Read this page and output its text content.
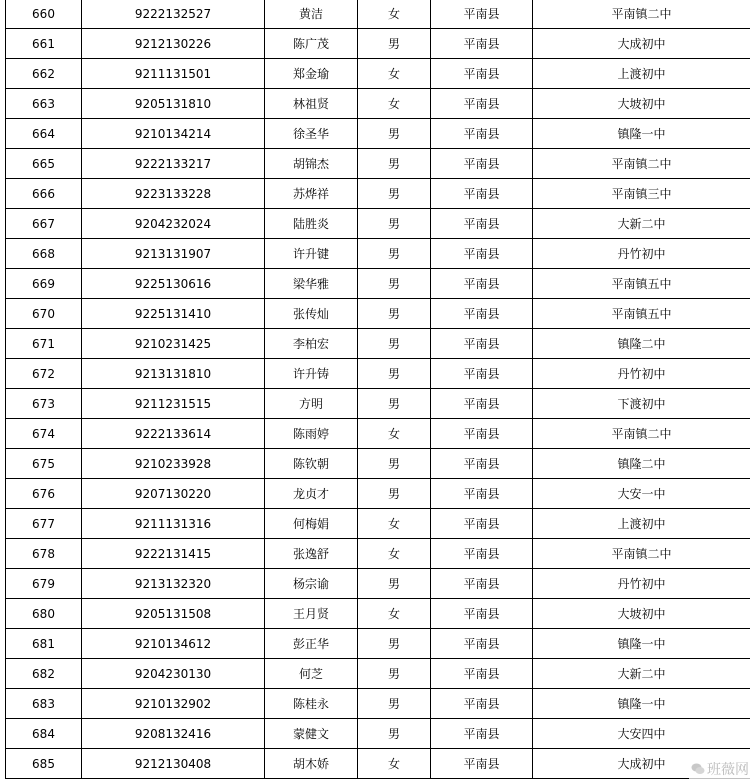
660	9222132527	黄洁	女	平南县	平南镇二中
661	9212130226	陈广茂	男	平南县	大成初中
662	9211131501	郑金瑜	女	平南县	上渡初中
663	9205131810	林祖贤	女	平南县	大坡初中
664	9210134214	徐圣华	男	平南县	镇隆一中
665	9222133217	胡锦杰	男	平南县	平南镇二中
666	9223133228	苏烨祥	男	平南县	平南镇三中
667	9204232024	陆胜炎	男	平南县	大新二中
668	9213131907	许升键	男	平南县	丹竹初中
669	9225130616	梁华雅	男	平南县	平南镇五中
670	9225131410	张传灿	男	平南县	平南镇五中
671	9210231425	李柏宏	男	平南县	镇隆二中
672	9213131810	许升铸	男	平南县	丹竹初中
673	9211231515	方明	男	平南县	下渡初中
674	9222133614	陈雨婷	女	平南县	平南镇二中
675	9210233928	陈钦朝	男	平南县	镇隆二中
676	9207130220	龙贞才	男	平南县	大安一中
677	9211131316	何梅娟	女	平南县	上渡初中
678	9222131415	张逸舒	女	平南县	平南镇二中
679	9213132320	杨宗谕	男	平南县	丹竹初中
680	9205131508	王月贤	女	平南县	大坡初中
681	9210134612	彭正华	男	平南县	镇隆一中
682	9204230130	何芝	男	平南县	大新二中
683	9210132902	陈桂永	男	平南县	镇隆一中
684	9208132416	蒙健文	男	平南县	大安四中
685	9212130408	胡木娇	女	平南县	大成初中	班薇网
